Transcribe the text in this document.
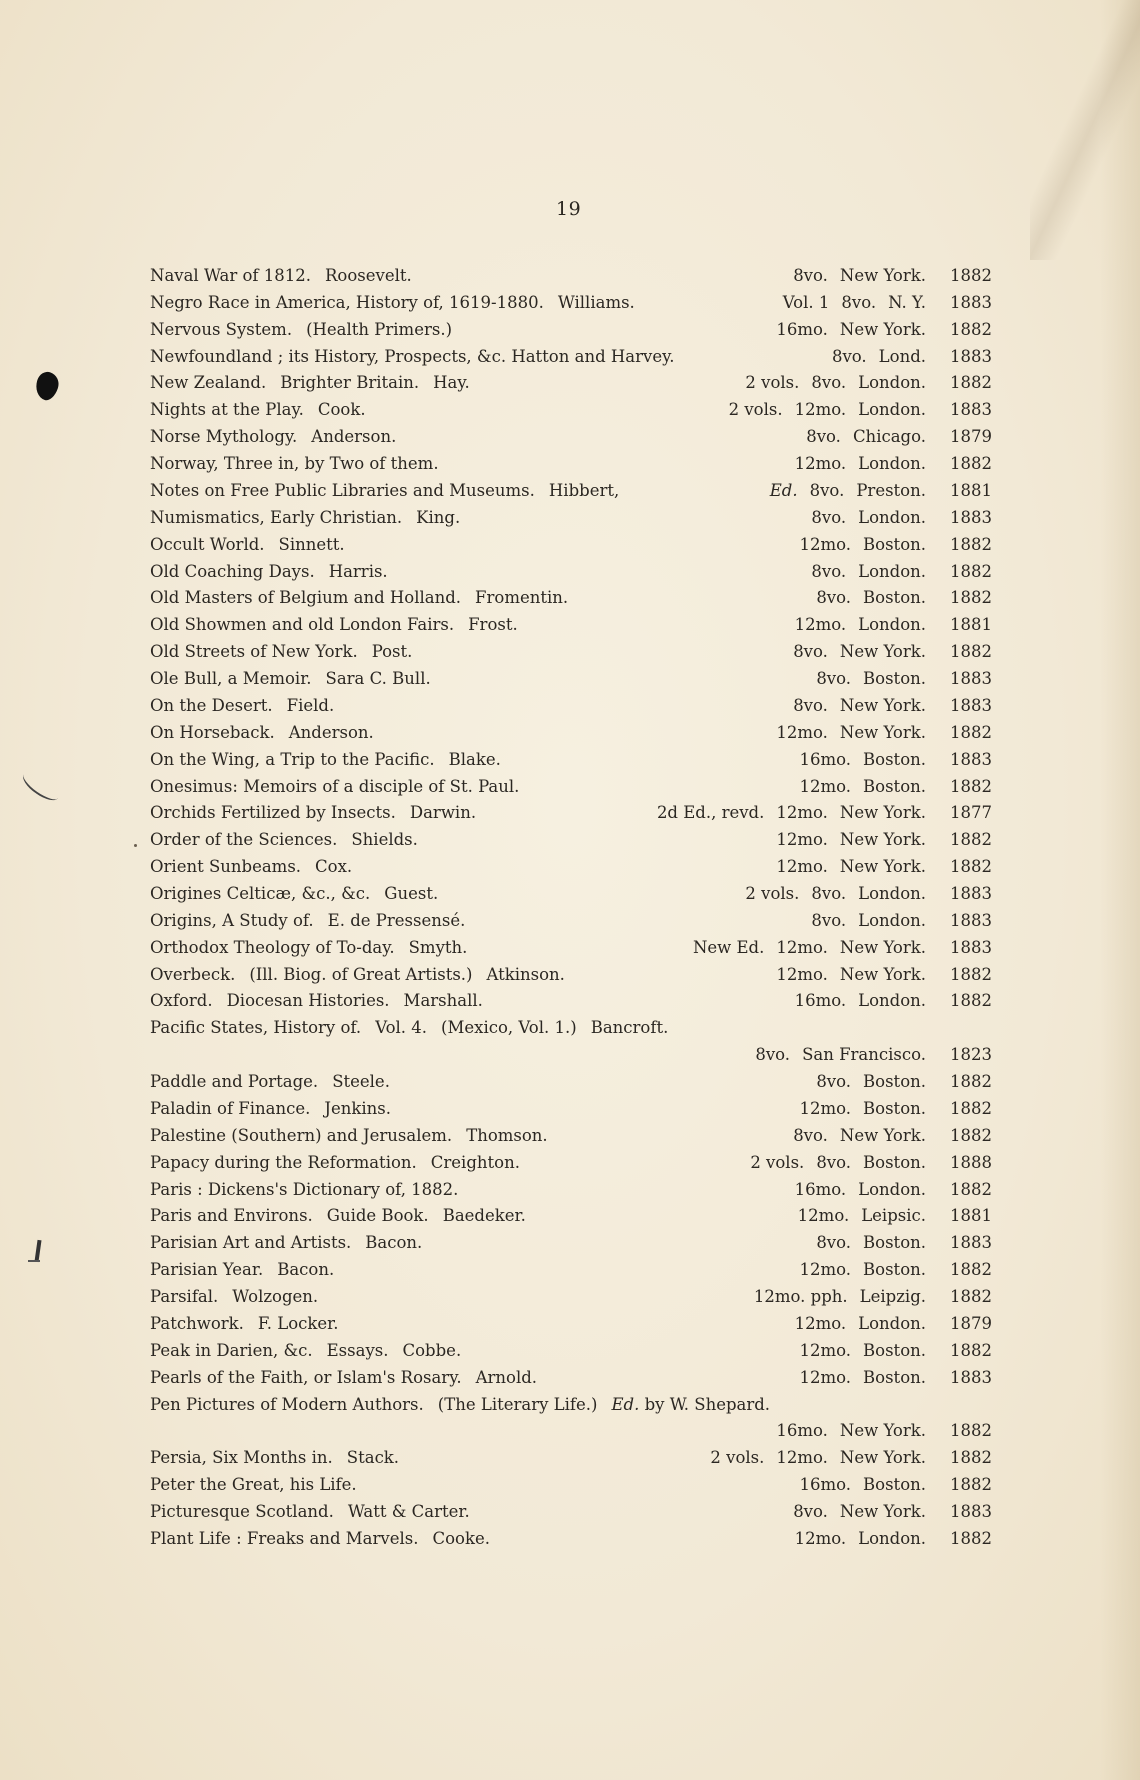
19
Naval War of 1812. Roosevelt.	8vo. New York. 1882
Negro Race in America, History of, 1619-1880. Williams.	Vol. 1 8vo. N. Y. 1883
Nervous System. (Health Primers.)	16mo. New York. 1882
Newfoundland ; its History, Prospects, &c. Hatton and Harvey.	8vo. Lond. 1883
New Zealand. Brighter Britain. Hay.	2 vols. 8vo. London. 1882
Nights at the Play. Cook.	2 vols. 12mo. London. 1883
Norse Mythology. Anderson.	8vo. Chicago. 1879
Norway, Three in, by Two of them.	12mo. London. 1882
Notes on Free Public Libraries and Museums. Hibbert,	Ed. 8vo. Preston. 1881
Numismatics, Early Christian. King.	8vo. London. 1883
Occult World. Sinnett.	12mo. Boston. 1882
Old Coaching Days. Harris.	8vo. London. 1882
Old Masters of Belgium and Holland. Fromentin.	8vo. Boston. 1882
Old Showmen and old London Fairs. Frost.	12mo. London. 1881
Old Streets of New York. Post.	8vo. New York. 1882
Ole Bull, a Memoir. Sara C. Bull.	8vo. Boston. 1883
On the Desert. Field.	8vo. New York. 1883
On Horseback. Anderson.	12mo. New York. 1882
On the Wing, a Trip to the Pacific. Blake.	16mo. Boston. 1883
Onesimus: Memoirs of a disciple of St. Paul.	12mo. Boston. 1882
Orchids Fertilized by Insects. Darwin.	2d Ed., revd. 12mo. New York. 1877
Order of the Sciences. Shields.	12mo. New York. 1882
Orient Sunbeams. Cox.	12mo. New York. 1882
Origines Celticæ, &c., &c. Guest.	2 vols. 8vo. London. 1883
Origins, A Study of. E. de Pressensé.	8vo. London. 1883
Orthodox Theology of To-day. Smyth.	New Ed. 12mo. New York. 1883
Overbeck. (Ill. Biog. of Great Artists.) Atkinson.	12mo. New York. 1882
Oxford. Diocesan Histories. Marshall.	16mo. London. 1882
Pacific States, History of. Vol. 4. (Mexico, Vol. 1.) Bancroft.
8vo. San Francisco. 1823
Paddle and Portage. Steele.	8vo. Boston. 1882
Paladin of Finance. Jenkins.	12mo. Boston. 1882
Palestine (Southern) and Jerusalem. Thomson.	8vo. New York. 1882
Papacy during the Reformation. Creighton.	2 vols. 8vo. Boston. 1888
Paris : Dickens's Dictionary of, 1882.	16mo. London. 1882
Paris and Environs. Guide Book. Baedeker.	12mo. Leipsic. 1881
Parisian Art and Artists. Bacon.	8vo. Boston. 1883
Parisian Year. Bacon.	12mo. Boston. 1882
Parsifal. Wolzogen.	12mo. pph. Leipzig. 1882
Patchwork. F. Locker.	12mo. London. 1879
Peak in Darien, &c. Essays. Cobbe.	12mo. Boston. 1882
Pearls of the Faith, or Islam's Rosary. Arnold.	12mo. Boston. 1883
Pen Pictures of Modern Authors. (The Literary Life.) Ed. by W. Shepard.
16mo. New York. 1882
Persia, Six Months in. Stack.	2 vols. 12mo. New York. 1882
Peter the Great, his Life.	16mo. Boston. 1882
Picturesque Scotland. Watt & Carter.	8vo. New York. 1883
Plant Life : Freaks and Marvels. Cooke.	12mo. London. 1882
